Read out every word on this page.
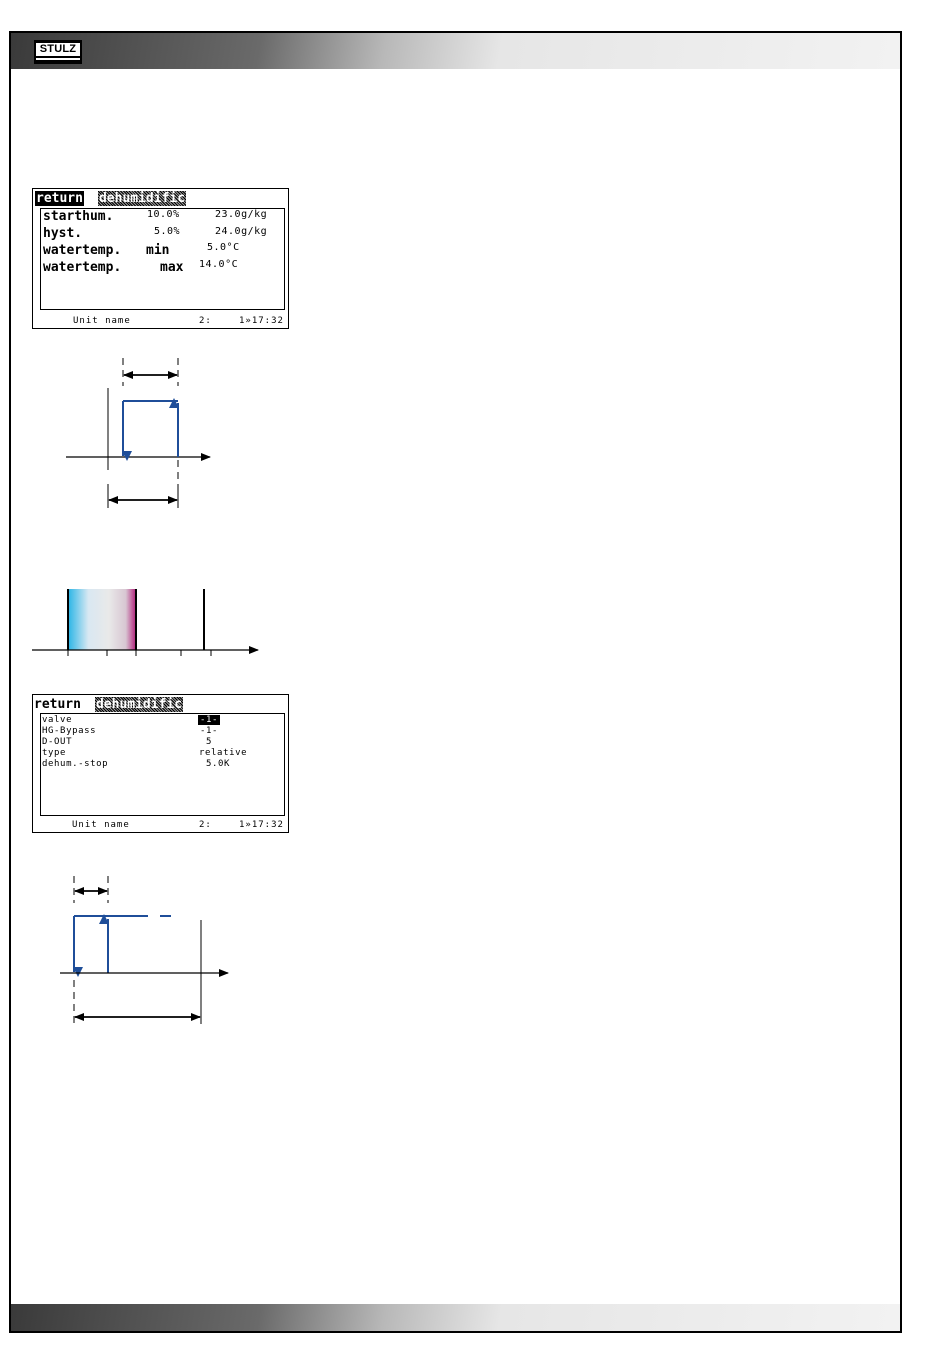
STULZ
return dehumidific
starthum.	10.0%	23.0g/kg
hyst.	5.0%	24.0g/kg
watertemp. min	5.0°C
watertemp.	max 14.0°C
Unit name	2:	1»17:32
return dehumidific
valve	-1-
HG-Bypass	-1-
D-OUT	5
type	relative
dehum.-stop	5.0K
Unit name	2:	1»17:32
